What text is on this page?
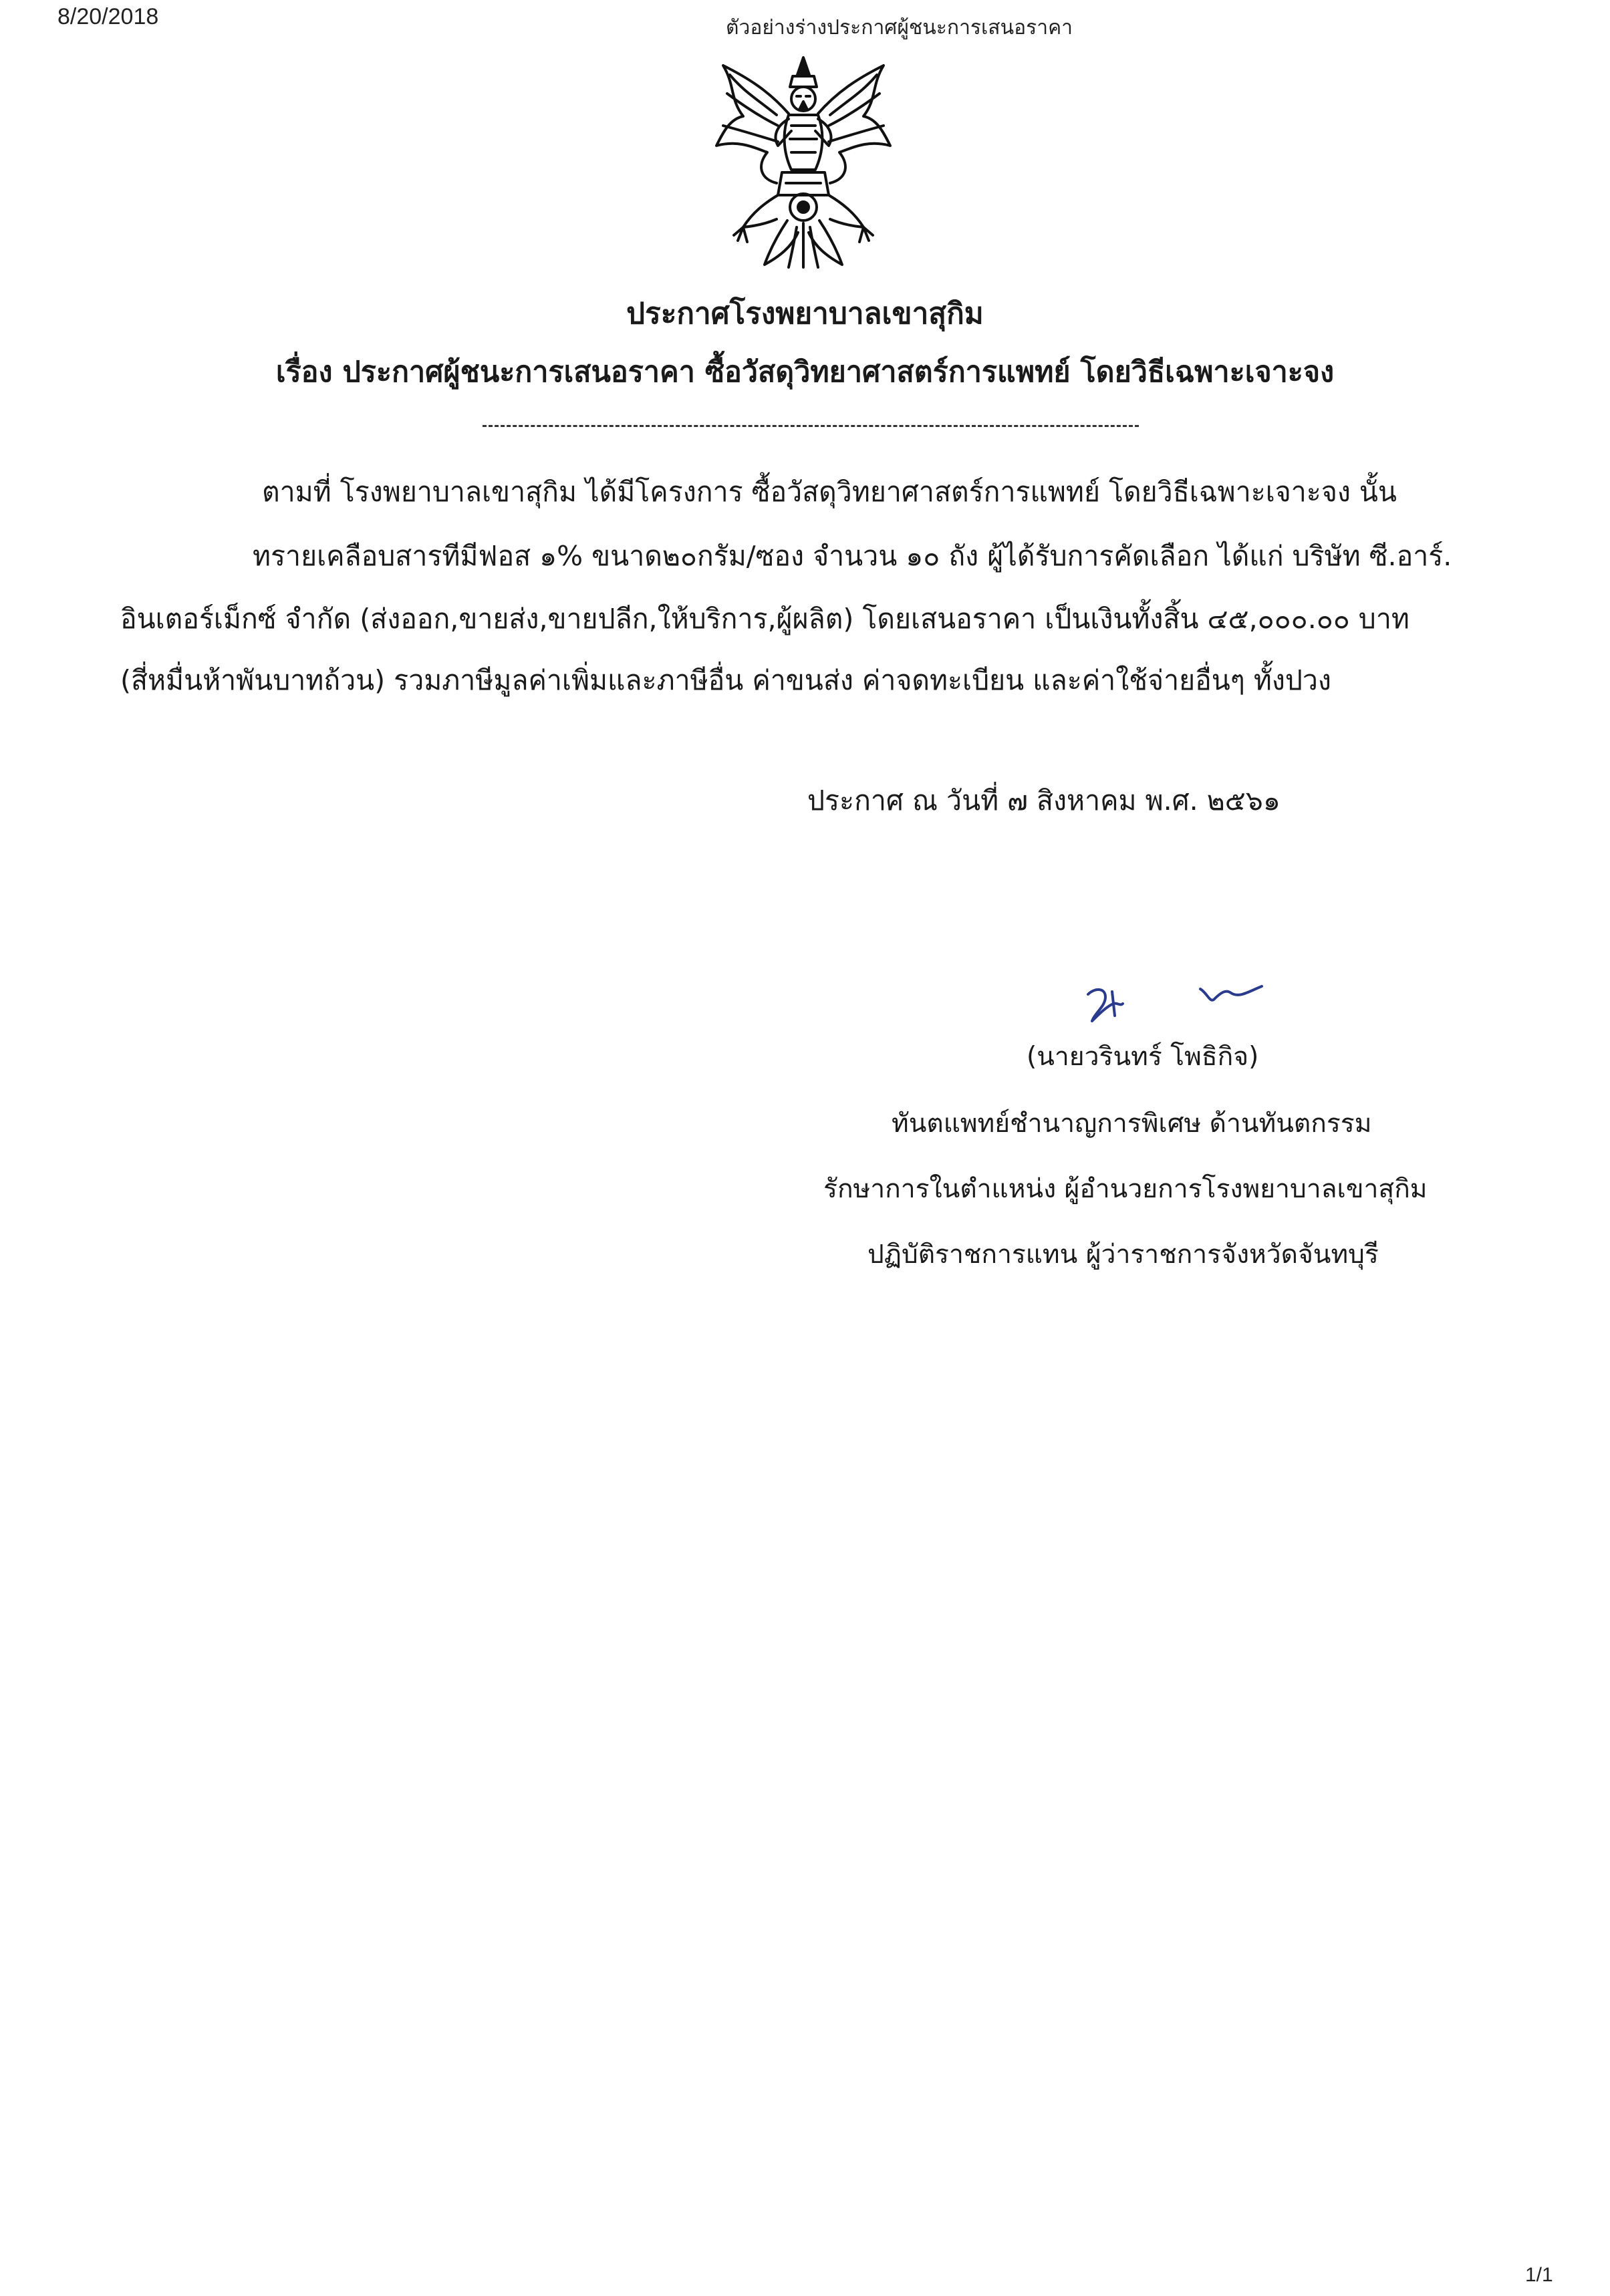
8/20/2018	ตัวอย่างร่างประกาศผู้ชนะการเสนอราคา
ประกาศโรงพยาบาลเขาสุกิม
เรื่อง ประกาศผู้ชนะการเสนอราคา ซื้อวัสดุวิทยาศาสตร์การแพทย์ โดยวิธีเฉพาะเจาะจง
ตามที่ โรงพยาบาลเขาสุกิม ได้มีโครงการ ซื้อวัสดุวิทยาศาสตร์การแพทย์ โดยวิธีเฉพาะเจาะจง นั้น
ทรายเคลือบสารทีมีฟอส ๑% ขนาด๒๐กรัม/ซอง จำนวน ๑๐ ถัง ผู้ได้รับการคัดเลือก ได้แก่ บริษัท ซี.อาร์.
อินเตอร์เม็กซ์ จำกัด (ส่งออก,ขายส่ง,ขายปลีก,ให้บริการ,ผู้ผลิต) โดยเสนอราคา เป็นเงินทั้งสิ้น ๔๕,๐๐๐.๐๐ บาท
(สี่หมื่นห้าพันบาทถ้วน) รวมภาษีมูลค่าเพิ่มและภาษีอื่น ค่าขนส่ง ค่าจดทะเบียน และค่าใช้จ่ายอื่นๆ ทั้งปวง
ประกาศ ณ วันที่ ๗ สิงหาคม พ.ศ. ๒๕๖๑
(นายวรินทร์ โพธิกิจ)
ทันตแพทย์ชำนาญการพิเศษ ด้านทันตกรรม
รักษาการในตำแหน่ง ผู้อำนวยการโรงพยาบาลเขาสุกิม
ปฏิบัติราชการแทน ผู้ว่าราชการจังหวัดจันทบุรี
1/1
